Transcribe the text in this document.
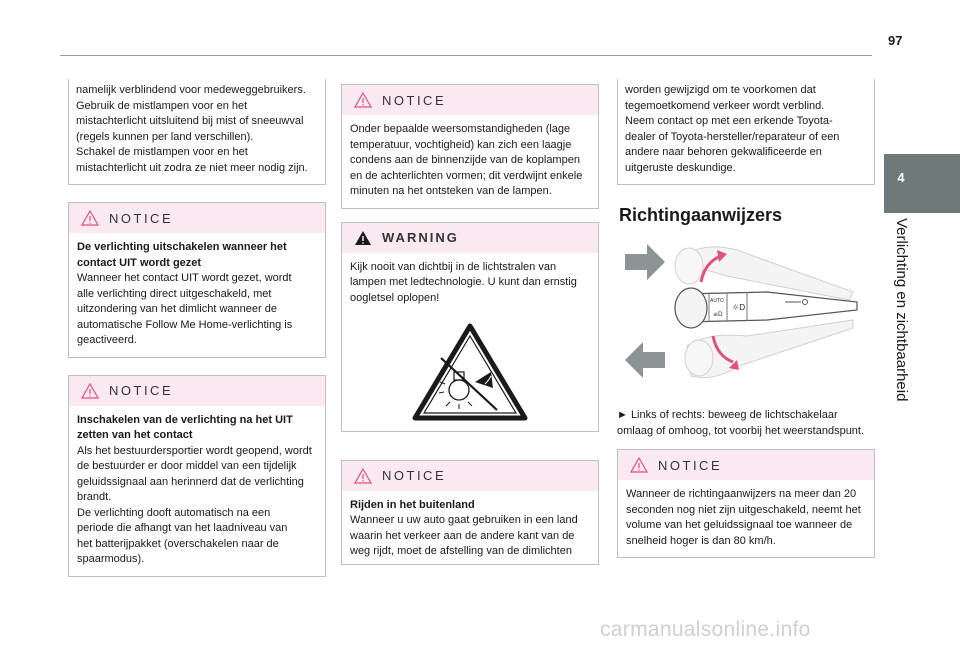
97
4
Verlichting en zichtbaarheid
namelijk verblindend voor medeweggebruikers.
Gebruik de mistlampen voor en het
mistachterlicht uitsluitend bij mist of sneeuwval
(regels kunnen per land verschillen).
Schakel de mistlampen voor en het
mistachterlicht uit zodra ze niet meer nodig zijn.
NOTICE
De verlichting uitschakelen wanneer het
contact UIT wordt gezet
Wanneer het contact UIT wordt gezet, wordt
alle verlichting direct uitgeschakeld, met
uitzondering van het dimlicht wanneer de
automatische Follow Me Home-verlichting is
geactiveerd.
NOTICE
Inschakelen van de verlichting na het UIT
zetten van het contact
Als het bestuurdersportier wordt geopend, wordt
de bestuurder er door middel van een tijdelijk
geluidssignaal aan herinnerd dat de verlichting
brandt.
De verlichting dooft automatisch na een
periode die afhangt van het laadniveau van
het batterijpakket (overschakelen naar de
spaarmodus).
NOTICE
Onder bepaalde weersomstandigheden (lage
temperatuur, vochtigheid) kan zich een laagje
condens aan de binnenzijde van de koplampen
en de achterlichten vormen; dit verdwijnt enkele
minuten na het ontsteken van de lampen.
WARNING
Kijk nooit van dichtbij in de lichtstralen van
lampen met ledtechnologie. U kunt dan ernstig
oogletsel oplopen!
NOTICE
Rijden in het buitenland
Wanneer u uw auto gaat gebruiken in een land
waarin het verkeer aan de andere kant van de
weg rijdt, moet de afstelling van de dimlichten
worden gewijzigd om te voorkomen dat
tegemoetkomend verkeer wordt verblind.
Neem contact op met een erkende Toyota-
dealer of Toyota-hersteller/reparateur of een
andere naar behoren gekwalificeerde en
uitgeruste deskundige.
Richtingaanwijzers
AUTO
☼D
≡D
► Links of rechts: beweeg de lichtschakelaar
omlaag of omhoog, tot voorbij het weerstandspunt.
NOTICE
Wanneer de richtingaanwijzers na meer dan 20
seconden nog niet zijn uitgeschakeld, neemt het
volume van het geluidssignaal toe wanneer de
snelheid hoger is dan 80 km/h.
carmanualsonline.info
